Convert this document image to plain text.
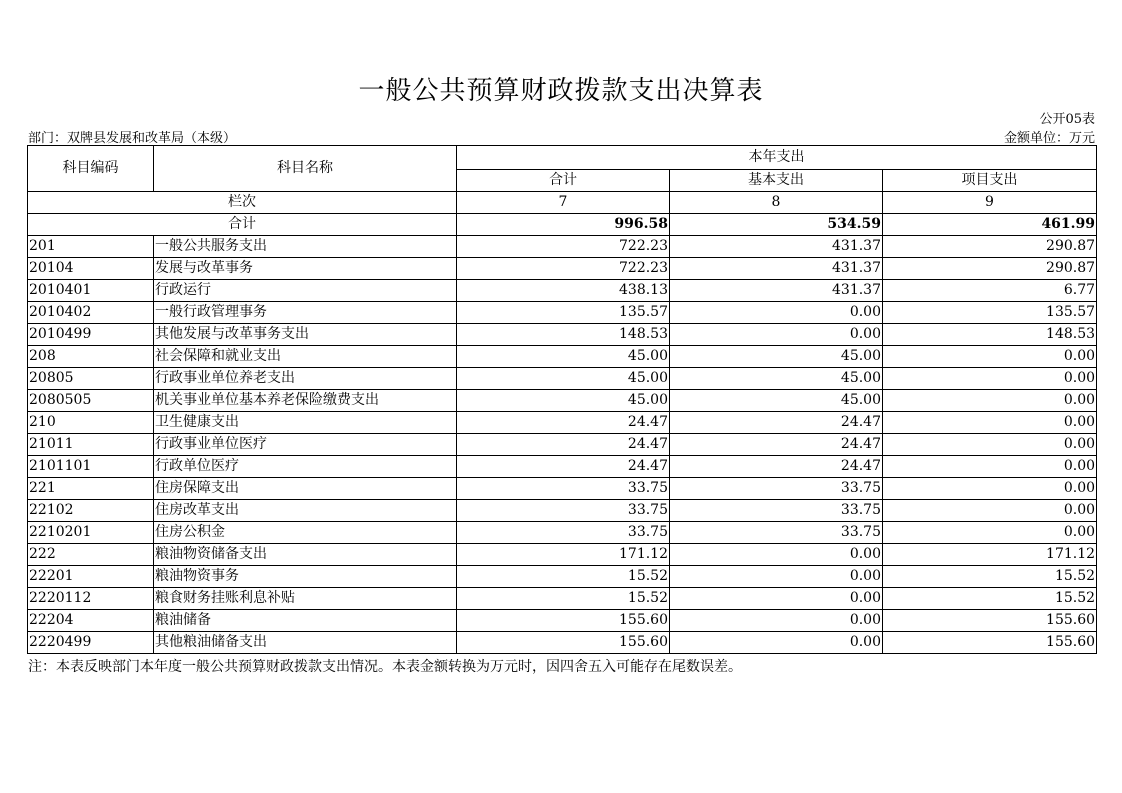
一般公共预算财政拨款支出决算表
公开05表
部门：双牌县发展和改革局（本级）	金额单位：万元
科目编码	科目名称	本年支出		
		合计	基本支出	项目支出
栏次		7	8	9
合计		996.58	534.59	461.99
201	一般公共服务支出	722.23	431.37	290.87
20104	发展与改革事务	722.23	431.37	290.87
2010401	行政运行	438.13	431.37	6.77
2010402	一般行政管理事务	135.57	0.00	135.57
2010499	其他发展与改革事务支出	148.53	0.00	148.53
208	社会保障和就业支出	45.00	45.00	0.00
20805	行政事业单位养老支出	45.00	45.00	0.00
2080505	机关事业单位基本养老保险缴费支出	45.00	45.00	0.00
210	卫生健康支出	24.47	24.47	0.00
21011	行政事业单位医疗	24.47	24.47	0.00
2101101	行政单位医疗	24.47	24.47	0.00
221	住房保障支出	33.75	33.75	0.00
22102	住房改革支出	33.75	33.75	0.00
2210201	住房公积金	33.75	33.75	0.00
222	粮油物资储备支出	171.12	0.00	171.12
22201	粮油物资事务	15.52	0.00	15.52
2220112	粮食财务挂账利息补贴	15.52	0.00	15.52
22204	粮油储备	155.60	0.00	155.60
2220499	其他粮油储备支出	155.60	0.00	155.60
注：本表反映部门本年度一般公共预算财政拨款支出情况。本表金额转换为万元时，因四舍五入可能存在尾数误差。
